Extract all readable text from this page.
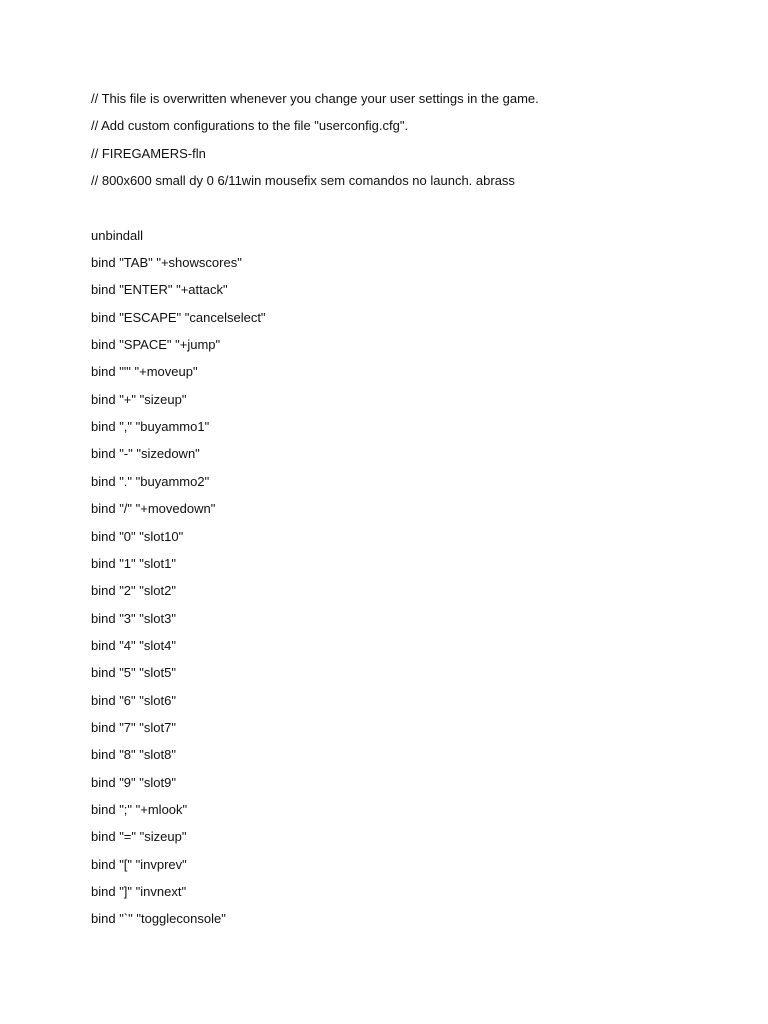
// This file is overwritten whenever you change your user settings in the game.
// Add custom configurations to the file "userconfig.cfg".
// FIREGAMERS-fln
// 800x600 small dy 0 6/11win mousefix sem comandos no launch. abrass
unbindall
bind "TAB" "+showscores"
bind "ENTER" "+attack"
bind "ESCAPE" "cancelselect"
bind "SPACE" "+jump"
bind "'" "+moveup"
bind "+" "sizeup"
bind "," "buyammo1"
bind "-" "sizedown"
bind "." "buyammo2"
bind "/" "+movedown"
bind "0" "slot10"
bind "1" "slot1"
bind "2" "slot2"
bind "3" "slot3"
bind "4" "slot4"
bind "5" "slot5"
bind "6" "slot6"
bind "7" "slot7"
bind "8" "slot8"
bind "9" "slot9"
bind ";" "+mlook"
bind "=" "sizeup"
bind "[" "invprev"
bind "]" "invnext"
bind "`" "toggleconsole"
